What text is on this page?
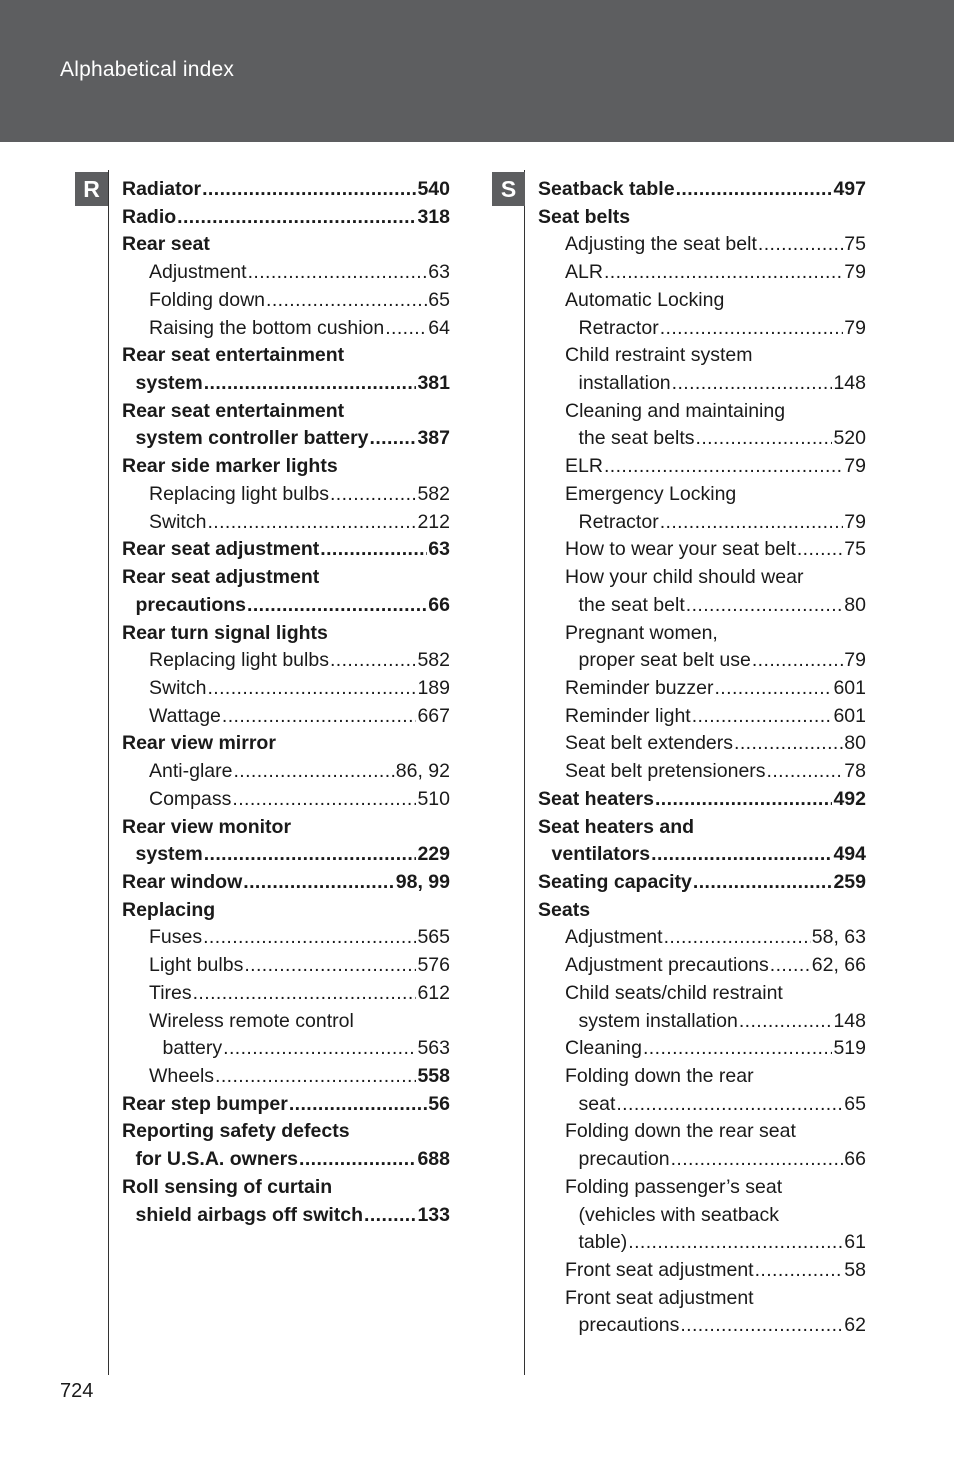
Alphabetical index
R	S
Radiator .....	540
Radio .....	318
Rear seat
Adjustment .....	63
Folding down .....	65
Raising the bottom cushion ..... 64
Rear seat entertainment
system .....	381
Rear seat entertainment
system controller battery .....	387
Rear side marker lights
Replacing light bulbs .....	582
Switch .....	212
Rear seat adjustment .....	63
Rear seat adjustment
precautions .....	66
Rear turn signal lights
Replacing light bulbs .....	582
Switch .....	189
Wattage .....	667
Rear view mirror
Anti-glare .....	86, 92
Compass .....	510
Rear view monitor
system .....	229
Rear window .....	98, 99
Replacing
Fuses .....	565
Light bulbs .....	576
Tires .....	612
Wireless remote control
battery .....	563
Wheels .....	558
Rear step bumper .....	56
Reporting safety defects
for U.S.A. owners .....	688
Roll sensing of curtain
shield airbags off switch .....	133
Seatback table .....	497
Seat belts
Adjusting the seat belt .....	75
ALR .....	79
Automatic Locking
Retractor .....	79
Child restraint system
installation .....	148
Cleaning and maintaining
the seat belts .....	520
ELR .....	79
Emergency Locking
Retractor .....	79
How to wear your seat belt ..... 75
How your child should wear
the seat belt .....	80
Pregnant women,
proper seat belt use .....	79
Reminder buzzer .....	601
Reminder light .....	601
Seat belt extenders .....	80
Seat belt pretensioners .....	78
Seat heaters .....	492
Seat heaters and
ventilators .....	494
Seating capacity .....	259
Seats
Adjustment .....	58, 63
Adjustment precautions ..... 62, 66
Child seats/child restraint
system installation .....	148
Cleaning .....	519
Folding down the rear
seat .....	65
Folding down the rear seat
precaution .....	66
Folding passenger’s seat
(vehicles with seatback
table) .....	61
Front seat adjustment .....	58
Front seat adjustment
precautions .....	62
724
